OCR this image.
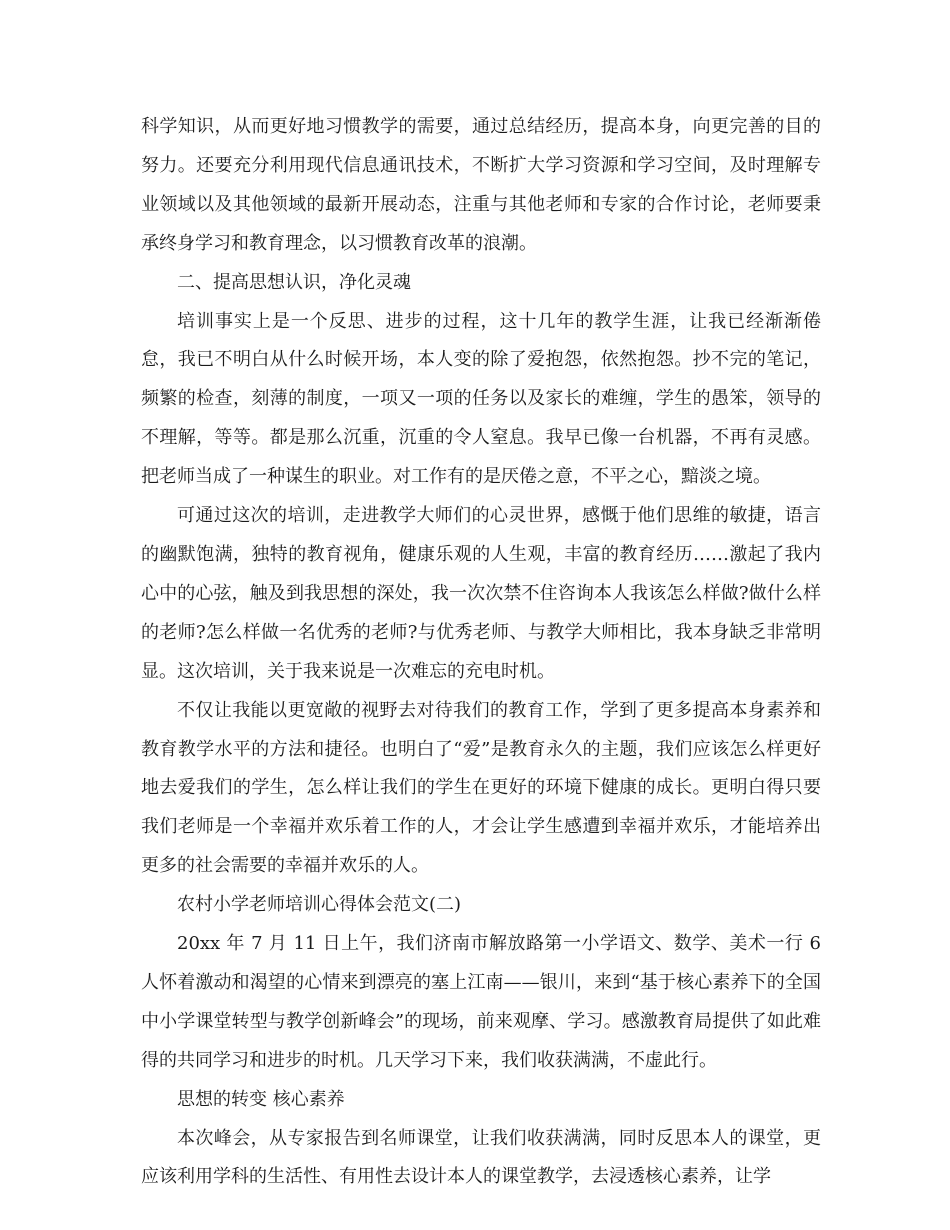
科学知识，从而更好地习惯教学的需要，通过总结经历，提高本身，向更完善的目的努力。还要充分利用现代信息通讯技术，不断扩大学习资源和学习空间，及时理解专业领域以及其他领域的最新开展动态，注重与其他老师和专家的合作讨论，老师要秉承终身学习和教育理念，以习惯教育改革的浪潮。

二、提高思想认识，净化灵魂

培训事实上是一个反思、进步的过程，这十几年的教学生涯，让我已经渐渐倦怠，我已不明白从什么时候开场，本人变的除了爱抱怨，依然抱怨。抄不完的笔记，频繁的检查，刻薄的制度，一项又一项的任务以及家长的难缠，学生的愚笨，领导的不理解，等等。都是那么沉重，沉重的令人窒息。我早已像一台机器，不再有灵感。把老师当成了一种谋生的职业。对工作有的是厌倦之意，不平之心，黯淡之境。

可通过这次的培训，走进教学大师们的心灵世界，感慨于他们思维的敏捷，语言的幽默饱满，独特的教育视角，健康乐观的人生观，丰富的教育经历……激起了我内心中的心弦，触及到我思想的深处，我一次次禁不住咨询本人我该怎么样做?做什么样的老师?怎么样做一名优秀的老师?与优秀老师、与教学大师相比，我本身缺乏非常明显。这次培训，关于我来说是一次难忘的充电时机。

不仅让我能以更宽敞的视野去对待我们的教育工作，学到了更多提高本身素养和教育教学水平的方法和捷径。也明白了“爱”是教育永久的主题，我们应该怎么样更好地去爱我们的学生，怎么样让我们的学生在更好的环境下健康的成长。更明白得只要我们老师是一个幸福并欢乐着工作的人，才会让学生感遭到幸福并欢乐，才能培养出更多的社会需要的幸福并欢乐的人。

农村小学老师培训心得体会范文(二)

20xx 年 7 月 11 日上午，我们济南市解放路第一小学语文、数学、美术一行 6 人怀着激动和渴望的心情来到漂亮的塞上江南——银川，来到“基于核心素养下的全国中小学课堂转型与教学创新峰会”的现场，前来观摩、学习。感激教育局提供了如此难得的共同学习和进步的时机。几天学习下来，我们收获满满，不虚此行。

思想的转变 核心素养

本次峰会，从专家报告到名师课堂，让我们收获满满，同时反思本人的课堂，更应该利用学科的生活性、有用性去设计本人的课堂教学，去浸透核心素养，让学
